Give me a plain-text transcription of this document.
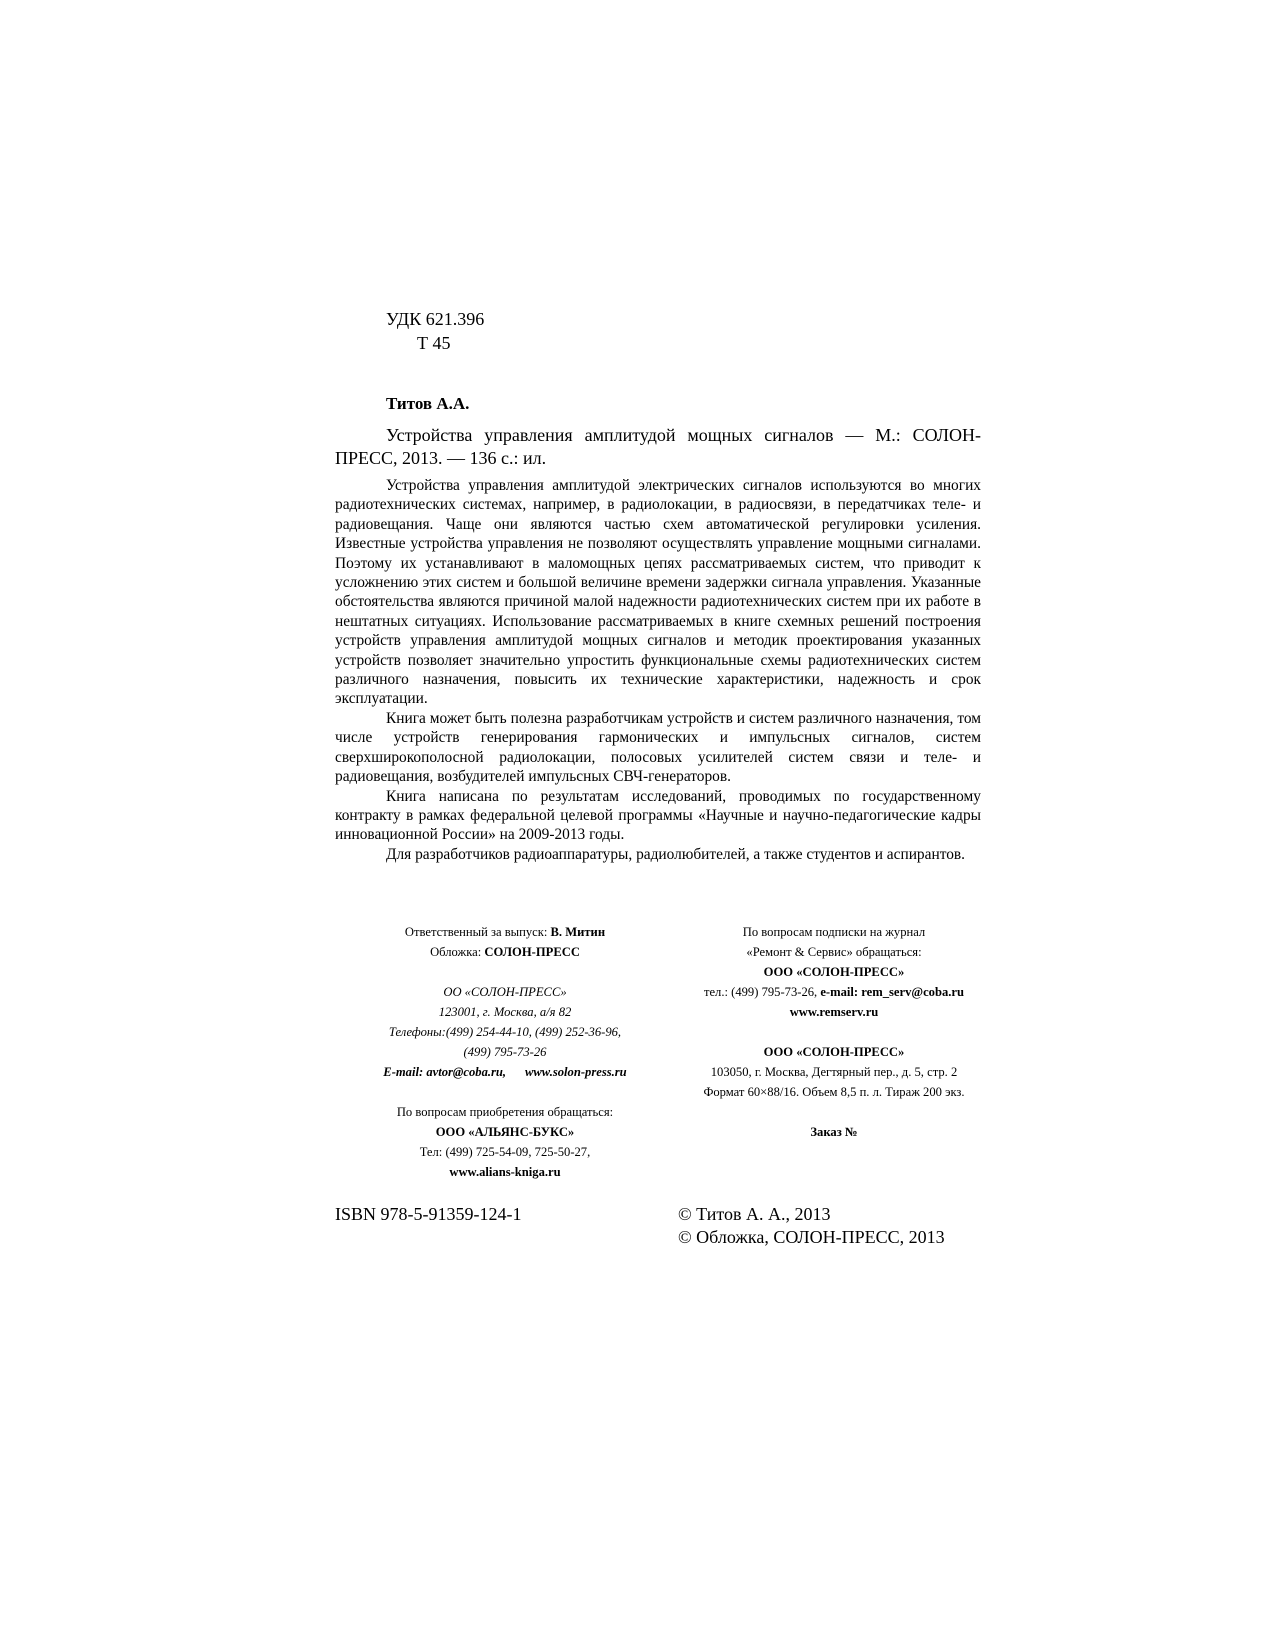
УДК 621.396
Т 45
Титов А.А.
Устройства управления амплитудой мощных сигналов — М.: СОЛОН-ПРЕСС, 2013. — 136 с.: ил.

Устройства управления амплитудой электрических сигналов используются во многих радиотехнических системах, например, в радиолокации, в радиосвязи, в передатчиках теле- и радиовещания. Чаще они являются частью схем автоматической регулировки усиления. Известные устройства управления не позволяют осуществлять управление мощными сигналами. Поэтому их устанавливают в маломощных цепях рассматриваемых систем, что приводит к усложнению этих систем и большой величине времени задержки сигнала управления. Указанные обстоятельства являются причиной малой надежности радиотехнических систем при их работе в нештатных ситуациях. Использование рассматриваемых в книге схемных решений построения устройств управления амплитудой мощных сигналов и методик проектирования указанных устройств позволяет значительно упростить функциональные схемы радиотехнических систем различного назначения, повысить их технические характеристики, надежность и срок эксплуатации.

Книга может быть полезна разработчикам устройств и систем различного назначения, том числе устройств генерирования гармонических и импульсных сигналов, систем сверхширокополосной радиолокации, полосовых усилителей систем связи и теле- и радиовещания, возбудителей импульсных СВЧ-генераторов.

Книга написана по результатам исследований, проводимых по государственному контракту в рамках федеральной целевой программы «Научные и научно-педагогические кадры инновационной России» на 2009-2013 годы.

Для разработчиков радиоаппаратуры, радиолюбителей, а также студентов и аспирантов.

Ответственный за выпуск: В. Митин
Обложка: СОЛОН-ПРЕСС
ОО «СОЛОН-ПРЕСС»
123001, г. Москва, а/я 82
Телефоны:(499) 254-44-10, (499) 252-36-96,
(499) 795-73-26
E-mail: avtor@coba.ru, www.solon-press.ru
По вопросам приобретения обращаться:
ООО «АЛЬЯНС-БУКС»
Тел: (499) 725-54-09, 725-50-27,
www.alians-kniga.ru
По вопросам подписки на журнал
«Ремонт & Сервис» обращаться:
ООО «СОЛОН-ПРЕСС»
тел.: (499) 795-73-26, e-mail: rem_serv@coba.ru
www.remserv.ru
ООО «СОЛОН-ПРЕСС»
103050, г. Москва, Дегтярный пер., д. 5, стр. 2
Формат 60×88/16. Объем 8,5 п. л. Тираж 200 экз.
Заказ №
ISBN 978-5-91359-124-1	© Титов А. А., 2013
© Обложка, СОЛОН-ПРЕСС, 2013
